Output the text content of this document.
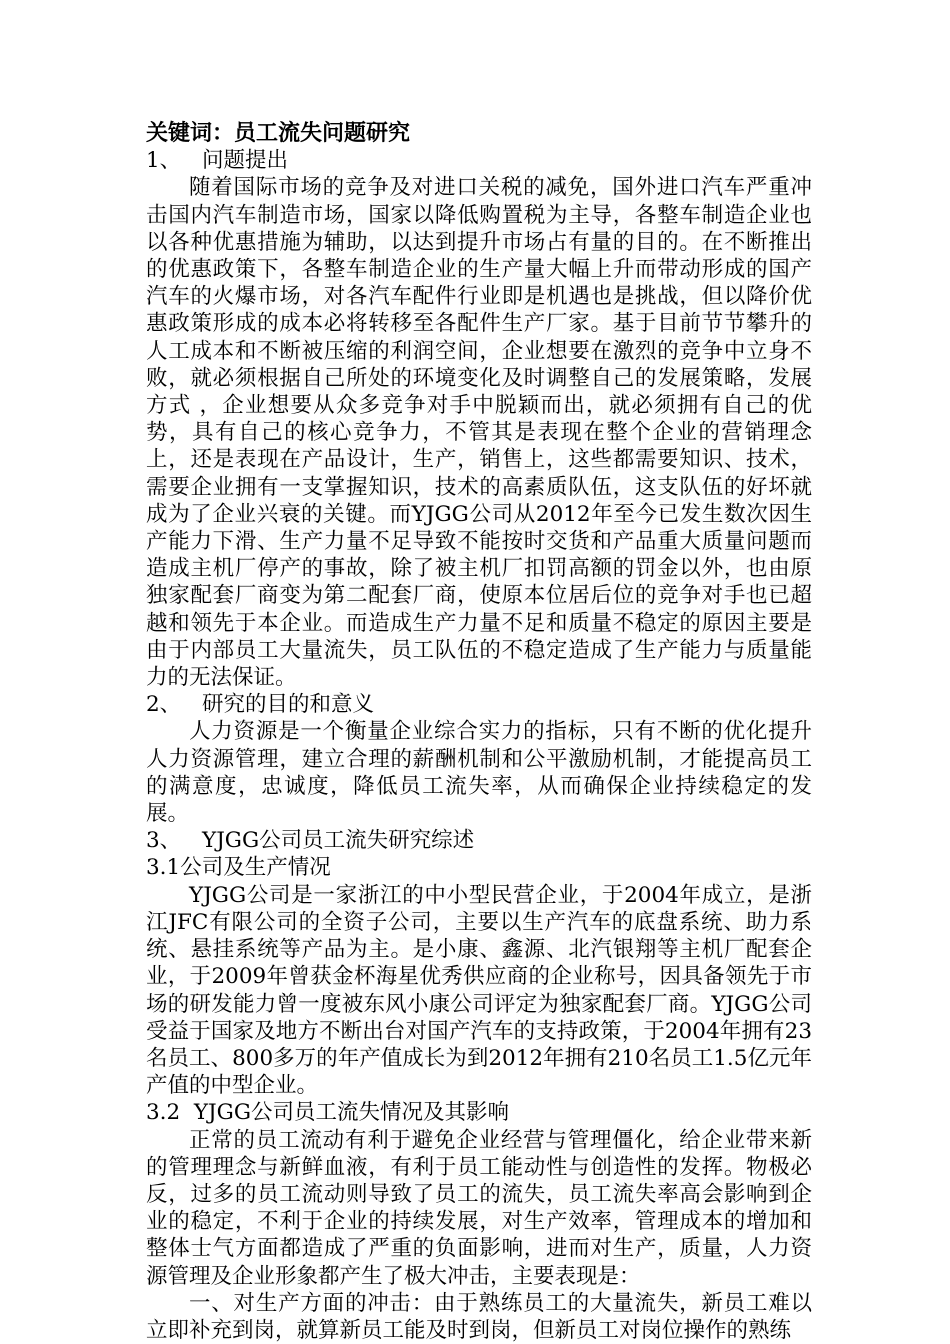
关键词：员工流失问题研究

1、 问题提出

随着国际市场的竞争及对进口关税的减免，国外进口汽车严重冲击国内汽车制造市场，国家以降低购置税为主导，各整车制造企业也以各种优惠措施为辅助，以达到提升市场占有量的目的。在不断推出的优惠政策下，各整车制造企业的生产量大幅上升而带动形成的国产汽车的火爆市场，对各汽车配件行业即是机遇也是挑战，但以降价优惠政策形成的成本必将转移至各配件生产厂家。基于目前节节攀升的人工成本和不断被压缩的利润空间，企业想要在激烈的竞争中立身不败，就必须根据自己所处的环境变化及时调整自己的发展策略，发展方式 ，企业想要从众多竞争对手中脱颖而出，就必须拥有自己的优势，具有自己的核心竞争力，不管其是表现在整个企业的营销理念上，还是表现在产品设计，生产，销售上，这些都需要知识、技术，需要企业拥有一支掌握知识，技术的高素质队伍，这支队伍的好坏就成为了企业兴衰的关键。而YJGG公司从2012年至今已发生数次因生产能力下滑、生产力量不足导致不能按时交货和产品重大质量问题而造成主机厂停产的事故，除了被主机厂扣罚高额的罚金以外，也由原独家配套厂商变为第二配套厂商，使原本位居后位的竞争对手也已超越和领先于本企业。而造成生产力量不足和质量不稳定的原因主要是由于内部员工大量流失，员工队伍的不稳定造成了生产能力与质量能力的无法保证。

2、 研究的目的和意义

人力资源是一个衡量企业综合实力的指标，只有不断的优化提升人力资源管理，建立合理的薪酬机制和公平激励机制，才能提高员工的满意度，忠诚度，降低员工流失率，从而确保企业持续稳定的发展。

3、 YJGG公司员工流失研究综述

3.1公司及生产情况

YJGG公司是一家浙江的中小型民营企业，于2004年成立，是浙江JFC有限公司的全资子公司，主要以生产汽车的底盘系统、助力系统、悬挂系统等产品为主。是小康、鑫源、北汽银翔等主机厂配套企业，于2009年曾获金杯海星优秀供应商的企业称号，因具备领先于市场的研发能力曾一度被东风小康公司评定为独家配套厂商。YJGG公司受益于国家及地方不断出台对国产汽车的支持政策，于2004年拥有23名员工、800多万的年产值成长为到2012年拥有210名员工1.5亿元年产值的中型企业。

3.2  YJGG公司员工流失情况及其影响

正常的员工流动有利于避免企业经营与管理僵化，给企业带来新的管理理念与新鲜血液，有利于员工能动性与创造性的发挥。物极必反，过多的员工流动则导致了员工的流失，员工流失率高会影响到企业的稳定，不利于企业的持续发展，对生产效率，管理成本的增加和整体士气方面都造成了严重的负面影响，进而对生产，质量，人力资源管理及企业形象都产生了极大冲击，主要表现是：

一、对生产方面的冲击：由于熟练员工的大量流失，新员工难以立即补充到岗，就算新员工能及时到岗，但新员工对岗位操作的熟练
